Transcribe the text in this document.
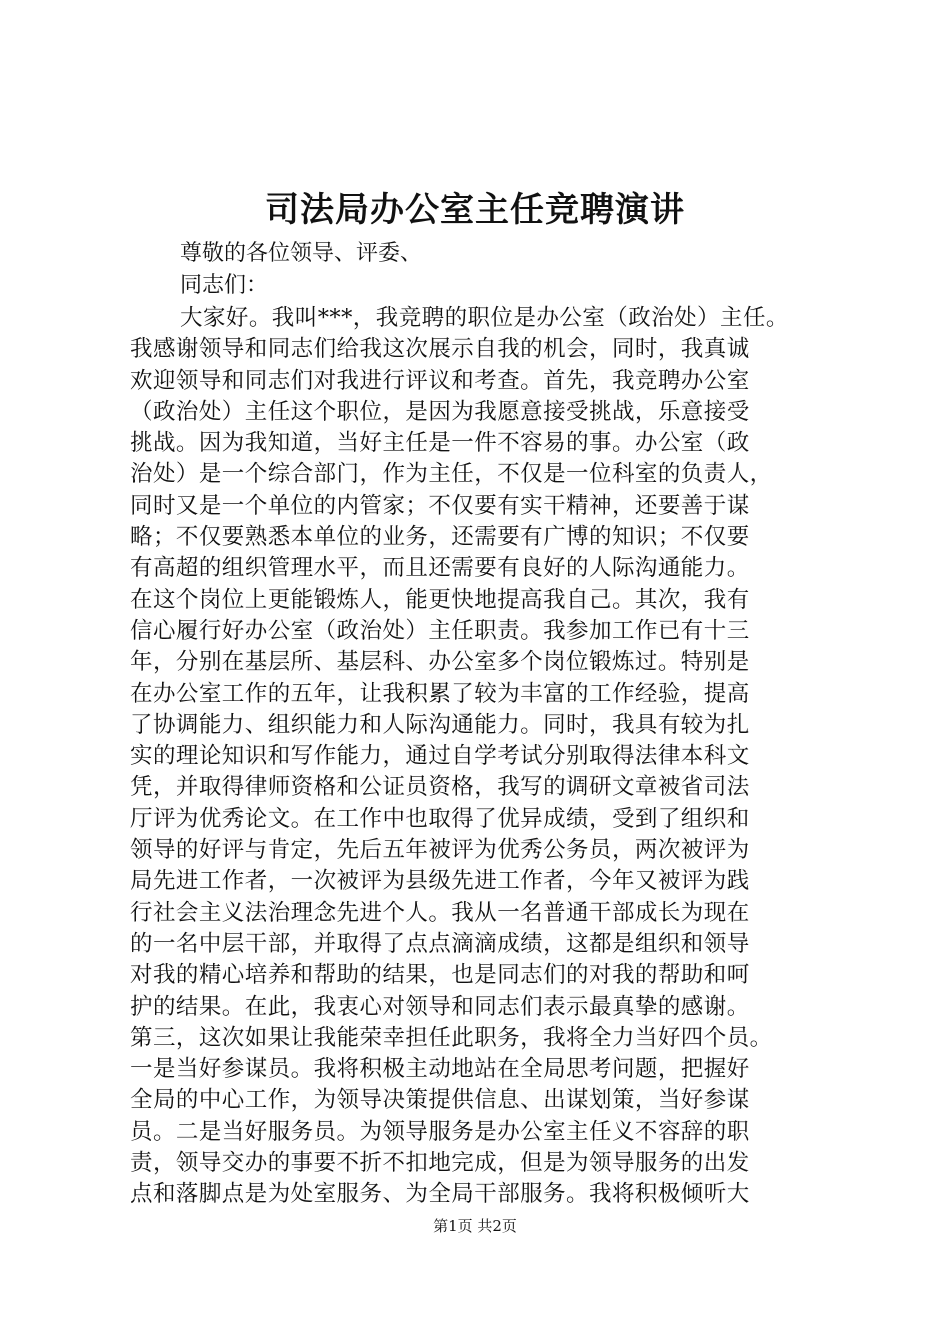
司法局办公室主任竞聘演讲

尊敬的各位领导、评委、

同志们：

大家好。我叫***，我竞聘的职位是办公室（政治处）主任。
我感谢领导和同志们给我这次展示自我的机会，同时，我真诚
欢迎领导和同志们对我进行评议和考查。首先，我竞聘办公室
（政治处）主任这个职位，是因为我愿意接受挑战，乐意接受
挑战。因为我知道，当好主任是一件不容易的事。办公室（政
治处）是一个综合部门，作为主任，不仅是一位科室的负责人，
同时又是一个单位的内管家；不仅要有实干精神，还要善于谋
略；不仅要熟悉本单位的业务，还需要有广博的知识；不仅要
有高超的组织管理水平，而且还需要有良好的人际沟通能力。
在这个岗位上更能锻炼人，能更快地提高我自己。其次，我有
信心履行好办公室（政治处）主任职责。我参加工作已有十三
年，分别在基层所、基层科、办公室多个岗位锻炼过。特别是
在办公室工作的五年，让我积累了较为丰富的工作经验，提高
了协调能力、组织能力和人际沟通能力。同时，我具有较为扎
实的理论知识和写作能力，通过自学考试分别取得法律本科文
凭，并取得律师资格和公证员资格，我写的调研文章被省司法
厅评为优秀论文。在工作中也取得了优异成绩，受到了组织和
领导的好评与肯定，先后五年被评为优秀公务员，两次被评为
局先进工作者，一次被评为县级先进工作者，今年又被评为践
行社会主义法治理念先进个人。我从一名普通干部成长为现在
的一名中层干部，并取得了点点滴滴成绩，这都是组织和领导
对我的精心培养和帮助的结果，也是同志们的对我的帮助和呵
护的结果。在此，我衷心对领导和同志们表示最真挚的感谢。
第三，这次如果让我能荣幸担任此职务，我将全力当好四个员。
一是当好参谋员。我将积极主动地站在全局思考问题，把握好
全局的中心工作，为领导决策提供信息、出谋划策，当好参谋
员。二是当好服务员。为领导服务是办公室主任义不容辞的职
责，领导交办的事要不折不扣地完成，但是为领导服务的出发
点和落脚点是为处室服务、为全局干部服务。我将积极倾听大

第1页 共2页
